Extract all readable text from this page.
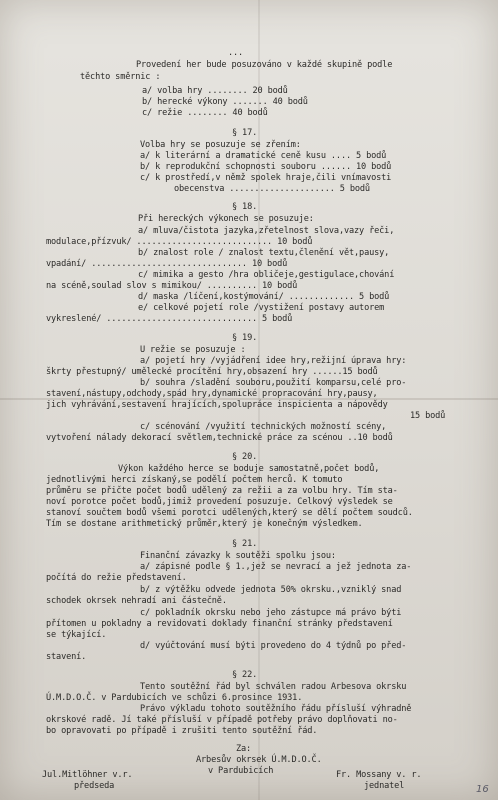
...
Provedení her bude posuzováno v každé skupině podle
těchto směrnic :
a/ volba hry ........ 20 bodů
b/ herecké výkony ....... 40 bodů
c/ režie ........ 40 bodů
§ 17.
Volba hry se posuzuje se zřením:
a/ k literární a dramatické ceně kusu .... 5 bodů
b/ k reprodukční schopnosti souboru ...... 10 bodů
c/ k prostředí,v němž spolek hraje,čili vnímavosti
obecenstva ..................... 5 bodů
§ 18.
Při hereckých výkonech se posuzuje:
a/ mluva/čistota jazyka,zřetelnost slova,vazy řeči,
modulace,přízvuk/ ........................... 10 bodů
b/ znalost role / znalost textu,členění vět,pausy,
vpadání/ ............................... 10 bodů
c/ mimika a gesto /hra obličeje,gestigulace,chování
na scéně,soulad slov s mimikou/ .......... 10 bodů
d/ maska /líčení,kostýmování/ ............. 5 bodů
e/ celkové pojetí role /vystižení postavy autorem
vykreslené/ .............................. 5 bodů
§ 19.
U režie se posuzuje :
a/ pojetí hry /vyjádření idee hry,režijní úprava hry:
škrty přestupný/ umělecké procítění hry,obsazení hry ......15 bodů
b/ souhra /sladění souboru,použití komparsu,celé pro-
stavení,nástupy,odchody,spád hry,dynamické propracování hry,pausy,
jich vyhrávání,sestavení hrajících,spolupráce inspicienta a nápovědy
15 bodů
c/ scénování /využití technických možností scény,
vytvoření nálady dekorací světlem,technické práce za scénou ..10 bodů
§ 20.
Výkon každého herce se boduje samostatně,počet bodů,
jednotlivými herci získaný,se podělí počtem herců. K tomuto
průměru se přičte počet bodů udělený za režii a za volbu hry. Tím sta-
noví porotce počet bodů,jimiž provedení posuzuje. Celkový výsledek se
stanoví součtem bodů všemi porotci udělených,který se dělí počtem soudců.
Tím se dostane arithmetický průměr,který je konečným výsledkem.
§ 21.
Finanční závazky k soutěži spolku jsou:
a/ zápisné podle § 1.,jež se nevrací a jež jednota za-
počítá do režie představení.
b/ z výtěžku odvede jednota 50% okrsku.,vzniklý snad
schodek okrsek nehradí ani částečně.
c/ pokladník okrsku nebo jeho zástupce má právo býti
přítomen u pokladny a revidovati doklady finanční stránky představení
se týkající.
d/ vyúčtování musí býti provedeno do 4 týdnů po před-
stavení.
§ 22.
Tento soutěžní řád byl schválen radou Arbesova okrsku
Ú.M.D.O.Č. v Pardubicích ve schůzi 6.prosince 1931.
Právo výkladu tohoto soutěžního řádu přísluší výhradně
okrskové radě. Jí také přísluší v případě potřeby právo doplňovati no-
bo opravovati po případě i zrušiti tento soutěžní řád.
Za:
Arbesův okrsek Ú.M.D.O.Č.
v Pardubicích
Jul.Mitlöhner v.r.
předseda
Fr. Mossany v. r.
jednatel	16
